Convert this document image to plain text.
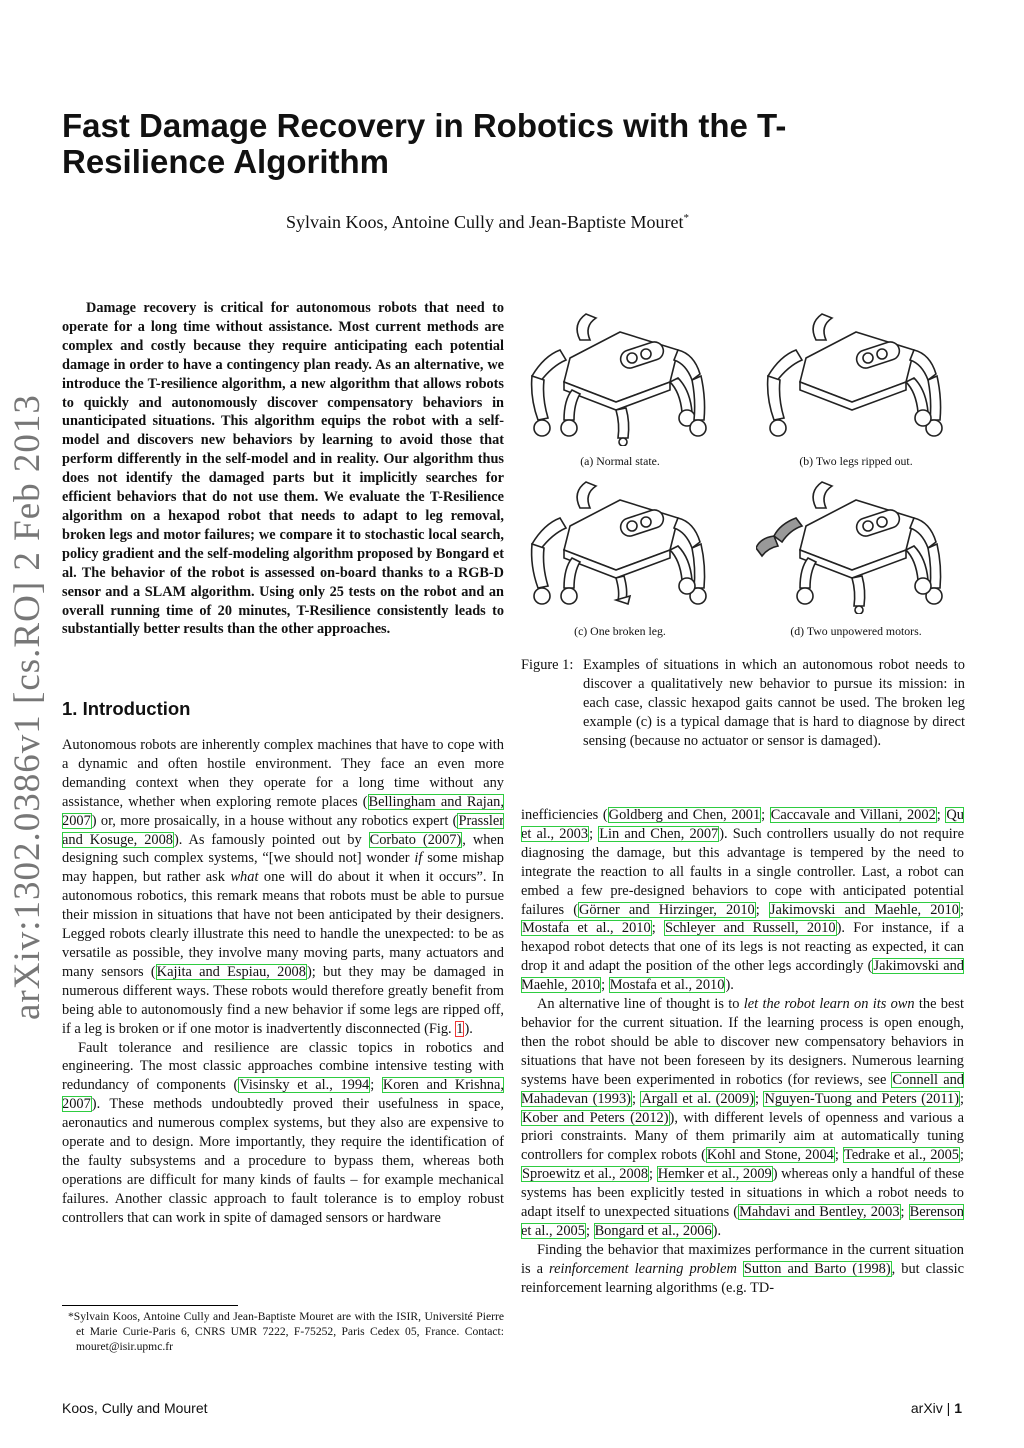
Fast Damage Recovery in Robotics with the T-Resilience Algorithm
Sylvain Koos, Antoine Cully and Jean-Baptiste Mouret*
arXiv:1302.0386v1 [cs.RO] 2 Feb 2013
Damage recovery is critical for autonomous robots that need to operate for a long time without assistance. Most current methods are complex and costly because they require anticipating each potential damage in order to have a contingency plan ready. As an alternative, we introduce the T-resilience algorithm, a new algorithm that allows robots to quickly and autonomously discover compensatory behaviors in unanticipated situations. This algorithm equips the robot with a self-model and discovers new behaviors by learning to avoid those that perform differently in the self-model and in reality. Our algorithm thus does not identify the damaged parts but it implicitly searches for efficient behaviors that do not use them. We evaluate the T-Resilience algorithm on a hexapod robot that needs to adapt to leg removal, broken legs and motor failures; we compare it to stochastic local search, policy gradient and the self-modeling algorithm proposed by Bongard et al. The behavior of the robot is assessed on-board thanks to a RGB-D sensor and a SLAM algorithm. Using only 25 tests on the robot and an overall running time of 20 minutes, T-Resilience consistently leads to substantially better results than the other approaches.
1. Introduction

Autonomous robots are inherently complex machines that have to cope with a dynamic and often hostile environment. They face an even more demanding context when they operate for a long time without any assistance, whether when exploring remote places (Bellingham and Rajan, 2007) or, more prosaically, in a house without any robotics expert (Prassler and Kosuge, 2008). As famously pointed out by Corbato (2007), when designing such complex systems, “[we should not] wonder if some mishap may happen, but rather ask what one will do about it when it occurs”. In autonomous robotics, this remark means that robots must be able to pursue their mission in situations that have not been anticipated by their designers. Legged robots clearly illustrate this need to handle the unexpected: to be as versatile as possible, they involve many moving parts, many actuators and many sensors (Kajita and Espiau, 2008); but they may be damaged in numerous different ways. These robots would therefore greatly benefit from being able to autonomously find a new behavior if some legs are ripped off, if a leg is broken or if one motor is inadvertently disconnected (Fig. 1).

Fault tolerance and resilience are classic topics in robotics and engineering. The most classic approaches combine intensive testing with redundancy of components (Visinsky et al., 1994; Koren and Krishna, 2007). These methods undoubtedly proved their usefulness in space, aeronautics and numerous complex systems, but they also are expensive to operate and to design. More importantly, they require the identification of the faulty subsystems and a procedure to bypass them, whereas both operations are difficult for many kinds of faults – for example mechanical failures. Another classic approach to fault tolerance is to employ robust controllers that can work in spite of damaged sensors or hardware

*Sylvain Koos, Antoine Cully and Jean-Baptiste Mouret are with the ISIR, Université Pierre et Marie Curie-Paris 6, CNRS UMR 7222, F-75252, Paris Cedex 05, France. Contact: mouret@isir.upmc.fr
(a) Normal state.	(b) Two legs ripped out.
(c) One broken leg.	(d) Two unpowered motors.
Figure 1: Examples of situations in which an autonomous robot needs to discover a qualitatively new behavior to pursue its mission: in each case, classic hexapod gaits cannot be used. The broken leg example (c) is a typical damage that is hard to diagnose by direct sensing (because no actuator or sensor is damaged).

inefficiencies (Goldberg and Chen, 2001; Caccavale and Villani, 2002; Qu et al., 2003; Lin and Chen, 2007). Such controllers usually do not require diagnosing the damage, but this advantage is tempered by the need to integrate the reaction to all faults in a single controller. Last, a robot can embed a few pre-designed behaviors to cope with anticipated potential failures (Görner and Hirzinger, 2010; Jakimovski and Maehle, 2010; Mostafa et al., 2010; Schleyer and Russell, 2010). For instance, if a hexapod robot detects that one of its legs is not reacting as expected, it can drop it and adapt the position of the other legs accordingly (Jakimovski and Maehle, 2010; Mostafa et al., 2010).

An alternative line of thought is to let the robot learn on its own the best behavior for the current situation. If the learning process is open enough, then the robot should be able to discover new compensatory behaviors in situations that have not been foreseen by its designers. Numerous learning systems have been experimented in robotics (for reviews, see Connell and Mahadevan (1993); Argall et al. (2009); Nguyen-Tuong and Peters (2011); Kober and Peters (2012)), with different levels of openness and various a priori constraints. Many of them primarily aim at automatically tuning controllers for complex robots (Kohl and Stone, 2004; Tedrake et al., 2005; Sproewitz et al., 2008; Hemker et al., 2009) whereas only a handful of these systems has been explicitly tested in situations in which a robot needs to adapt itself to unexpected situations (Mahdavi and Bentley, 2003; Berenson et al., 2005; Bongard et al., 2006).

Finding the behavior that maximizes performance in the current situation is a reinforcement learning problem Sutton and Barto (1998), but classic reinforcement learning algorithms (e.g. TD-

Koos, Cully and Mouret	arXiv | 1
